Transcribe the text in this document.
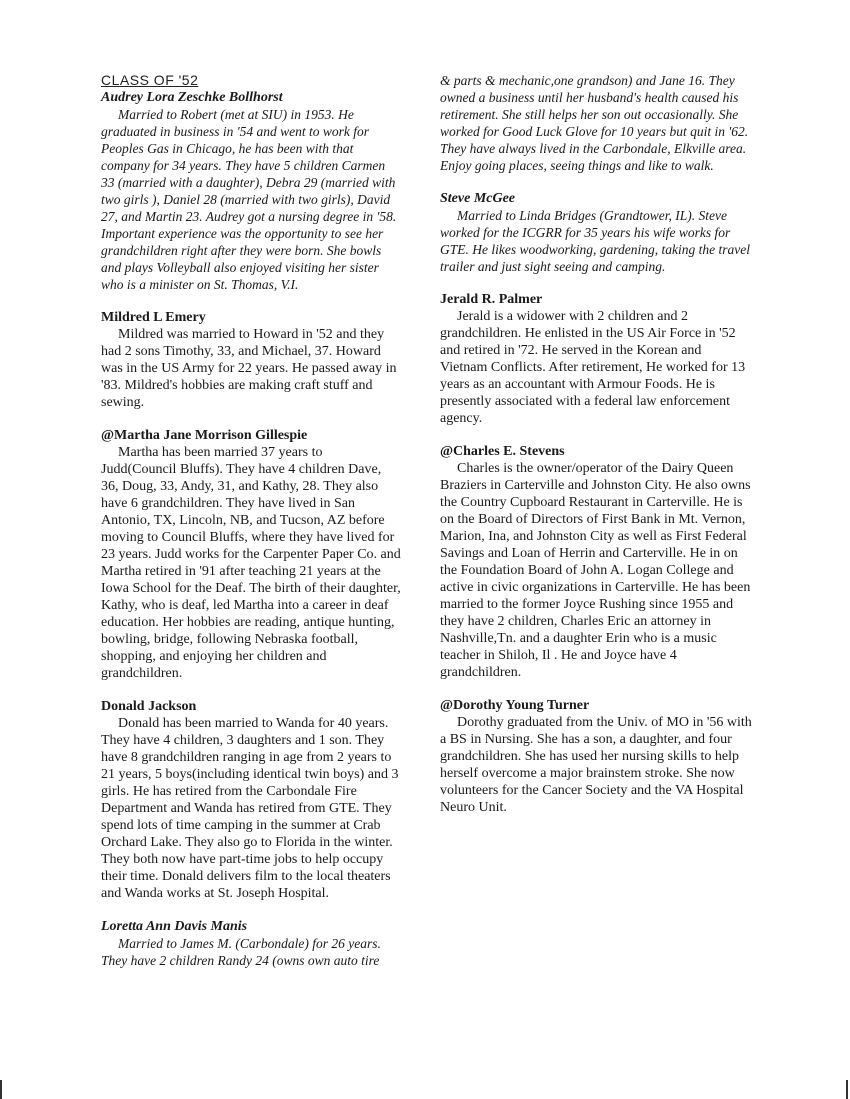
CLASS OF '52

Audrey Lora Zeschke Bollhorst

Married to Robert (met at SIU) in 1953. He graduated in business in '54 and went to work for Peoples Gas in Chicago, he has been with that company for 34 years. They have 5 children Carmen 33 (married with a daughter), Debra 29 (married with two girls ), Daniel 28 (married with two girls), David 27, and Martin 23. Audrey got a nursing degree in '58. Important experience was the opportunity to see her grandchildren right after they were born. She bowls and plays Volleyball also enjoyed visiting her sister who is a minister on St. Thomas, V.I.

Mildred L Emery

Mildred was married to Howard in '52 and they had 2 sons Timothy, 33, and Michael, 37. Howard was in the US Army for 22 years. He passed away in '83. Mildred's hobbies are making craft stuff and sewing.

@Martha Jane Morrison Gillespie

Martha has been married 37 years to Judd(Council Bluffs). They have 4 children Dave, 36, Doug, 33, Andy, 31, and Kathy, 28. They also have 6 grandchildren. They have lived in San Antonio, TX, Lincoln, NB, and Tucson, AZ before moving to Council Bluffs, where they have lived for 23 years. Judd works for the Carpenter Paper Co. and Martha retired in '91 after teaching 21 years at the Iowa School for the Deaf. The birth of their daughter, Kathy, who is deaf, led Martha into a career in deaf education. Her hobbies are reading, antique hunting, bowling, bridge, following Nebraska football, shopping, and enjoying her children and grandchildren.

Donald Jackson

Donald has been married to Wanda for 40 years. They have 4 children, 3 daughters and 1 son. They have 8 grandchildren ranging in age from 2 years to 21 years, 5 boys(including identical twin boys) and 3 girls. He has retired from the Carbondale Fire Department and Wanda has retired from GTE. They spend lots of time camping in the summer at Crab Orchard Lake. They also go to Florida in the winter. They both now have part-time jobs to help occupy their time. Donald delivers film to the local theaters and Wanda works at St. Joseph Hospital.

Loretta Ann Davis Manis

Married to James M. (Carbondale) for 26 years. They have 2 children Randy 24 (owns own auto tire

& parts & mechanic,one grandson) and Jane 16. They owned a business until her husband's health caused his retirement. She still helps her son out occasionally. She worked for Good Luck Glove for 10 years but quit in '62. They have always lived in the Carbondale, Elkville area. Enjoy going places, seeing things and like to walk.

Steve McGee

Married to Linda Bridges (Grandtower, IL). Steve worked for the ICGRR for 35 years his wife works for GTE. He likes woodworking, gardening, taking the travel trailer and just sight seeing and camping.

Jerald R. Palmer

Jerald is a widower with 2 children and 2 grandchildren. He enlisted in the US Air Force in '52 and retired in '72. He served in the Korean and Vietnam Conflicts. After retirement, He worked for 13 years as an accountant with Armour Foods. He is presently associated with a federal law enforcement agency.

@Charles E. Stevens

Charles is the owner/operator of the Dairy Queen Braziers in Carterville and Johnston City. He also owns the Country Cupboard Restaurant in Carterville. He is on the Board of Directors of First Bank in Mt. Vernon, Marion, Ina, and Johnston City as well as First Federal Savings and Loan of Herrin and Carterville. He in on the Foundation Board of John A. Logan College and active in civic organizations in Carterville. He has been married to the former Joyce Rushing since 1955 and they have 2 children, Charles Eric an attorney in Nashville,Tn. and a daughter Erin who is a music teacher in Shiloh, Il . He and Joyce have 4 grandchildren.

@Dorothy Young Turner

Dorothy graduated from the Univ. of MO in '56 with a BS in Nursing. She has a son, a daughter, and four grandchildren. She has used her nursing skills to help herself overcome a major brainstem stroke. She now volunteers for the Cancer Society and the VA Hospital Neuro Unit.
